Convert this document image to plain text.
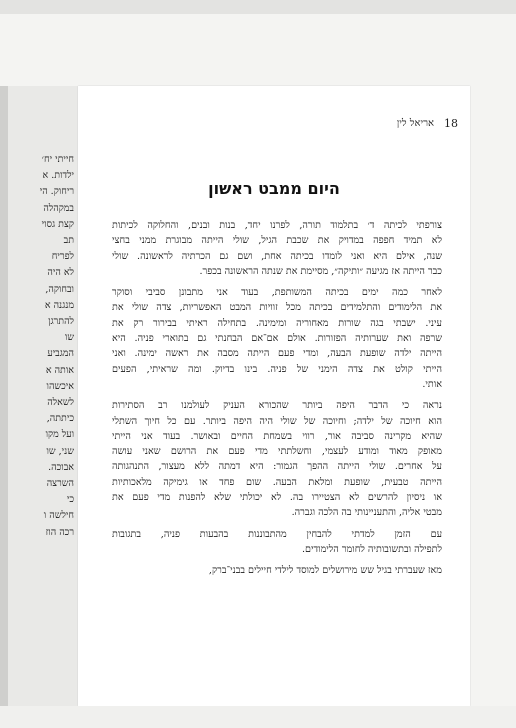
חייתי יח׳
ילדות. א
ריחוק. הי
במקהלה
קצת גסוי
תב
לפריח
לא היה
ובחוקה,
מנגנה א
להתרגן
שו
המגביע
אותה א
איכשהו
לשאלה
כיתתה,
ועל מקו
שני, שו
אבוכה.
השרצה
כי
חילשה ו
רכה הוז
18
אריאל לין
היום ממבט ראשון
צורפתי לכיתה ד׳ בתלמוד תורה, לפרנו יחד, בנות ובנים, והחלוקה לכיתות
לא תמיד חפפה במדויק את שכבת הגיל, שולי הייתה מבוגרת ממני בחצי
שנה, אילם היא ואני לומדו בכיתה אחת, ושם גם הכרתיה לראשונה. שולי
כבר הייתה אז מגיעה ״ותיקה״, מסיימת את שנתה הראשונה בכפר.
לאחר כמה ימים בכיתה המשותפת, בעוד אני מתבונן סביבי וסוקר
את הלימודים והתלמידים בכיתה מכל זוויות המבט האפשריות, צדה שולי את
עיני. ישבתי בגה שורות מאחוריה ומימינה. בתחילה ראיתי בבירור רק את
שרפה ואת שערותיה הפזורות. אולם אם־אם הבחנתי גם בתוארי פניה. היא
הייתה ילדה שופעת הבעה, ומדי פעם הייתה מסבה את ראשה ימינה. ואני
הייתי קולט את צדה הימני של פניה. בינו בדיוק. ומה שראיתי, הפעים
אותי.
נראה כי הדבר היפה ביותר שהכורא העניק לעולמנו רב הסתירות
הוא חיוכה של ילדה; וחיוכה של שולי היה היפה ביותר. עם כל חיוך השתלי
שהיא מקרינה סביבה אור, רווי בשמחת החיים ובאושר. בעוד אני הייתי
מאופק מאוד ומודע לעצמי, וחשלתתי מדי פעם את הרושם שאני עושה
על אחרים. שולי הייתה ההפך הגמור: היא דמתה ללא מעצור, התנהגותה
הייתה טבעית, שופעת ומלאת הבעה. שום פחד או גימיקה מלאכותיות
או ניסיון להרשים לא הצטיירו בה. לא יכולתי שלא להפנות מדי פעם את
מבטי אליה, והתעניינותי בה הלכה וגברה.
עם הזמן למדתי להבחין מהתבוננות בהבעות פניה, בתגובות
לתפילה ובתשובותיה לחומר הלימודים.
מאז שעברתי בגיל שש מירושלים למוסד לילדי חיילים בבני־ברק,
